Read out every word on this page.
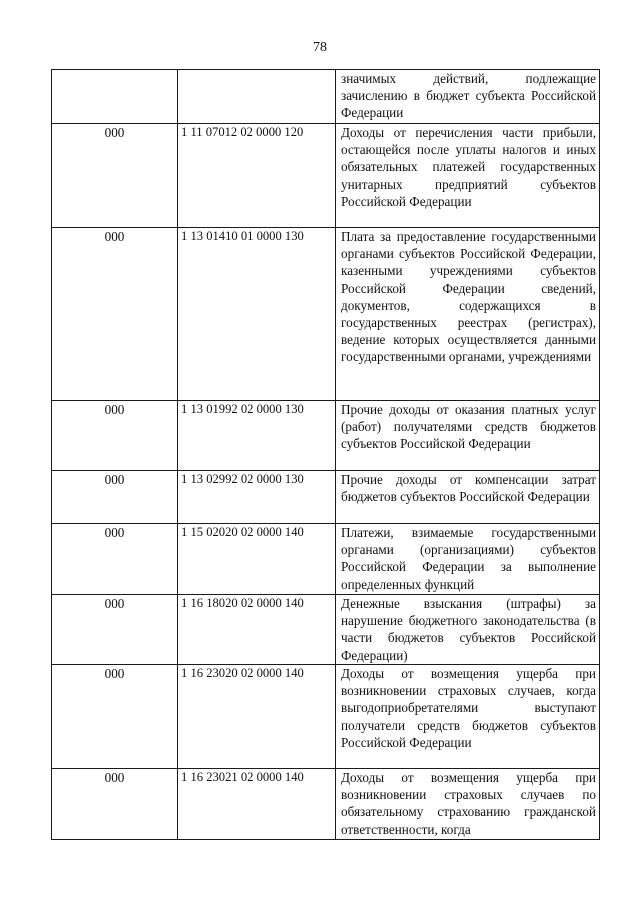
78
		значимых действий, подлежащие зачислению в бюджет субъекта Российской Федерации
000	1 11 07012 02 0000 120	Доходы от перечисления части прибыли, остающейся после уплаты налогов и иных обязательных платежей государственных унитарных предприятий субъектов Российской Федерации
000	1 13 01410 01 0000 130	Плата за предоставление государственными органами субъектов Российской Федерации, казенными учреждениями субъектов Российской Федерации сведений, документов, содержащихся в государственных реестрах (регистрах), ведение которых осуществляется данными государственными органами, учреждениями
000	1 13 01992 02 0000 130	Прочие доходы от оказания платных услуг (работ) получателями средств бюджетов субъектов Российской Федерации
000	1 13 02992 02 0000 130	Прочие доходы от компенсации затрат бюджетов субъектов Российской Федерации
000	1 15 02020 02 0000 140	Платежи, взимаемые государственными органами (организациями) субъектов Российской Федерации за выполнение определенных функций
000	1 16 18020 02 0000 140	Денежные взыскания (штрафы) за нарушение бюджетного законодательства (в части бюджетов субъектов Российской Федерации)
000	1 16 23020 02 0000 140	Доходы от возмещения ущерба при возникновении страховых случаев, когда выгодоприобретателями выступают получатели средств бюджетов субъектов Российской Федерации
000	1 16 23021 02 0000 140	Доходы от возмещения ущерба при возникновении страховых случаев по обязательному страхованию гражданской ответственности, когда
